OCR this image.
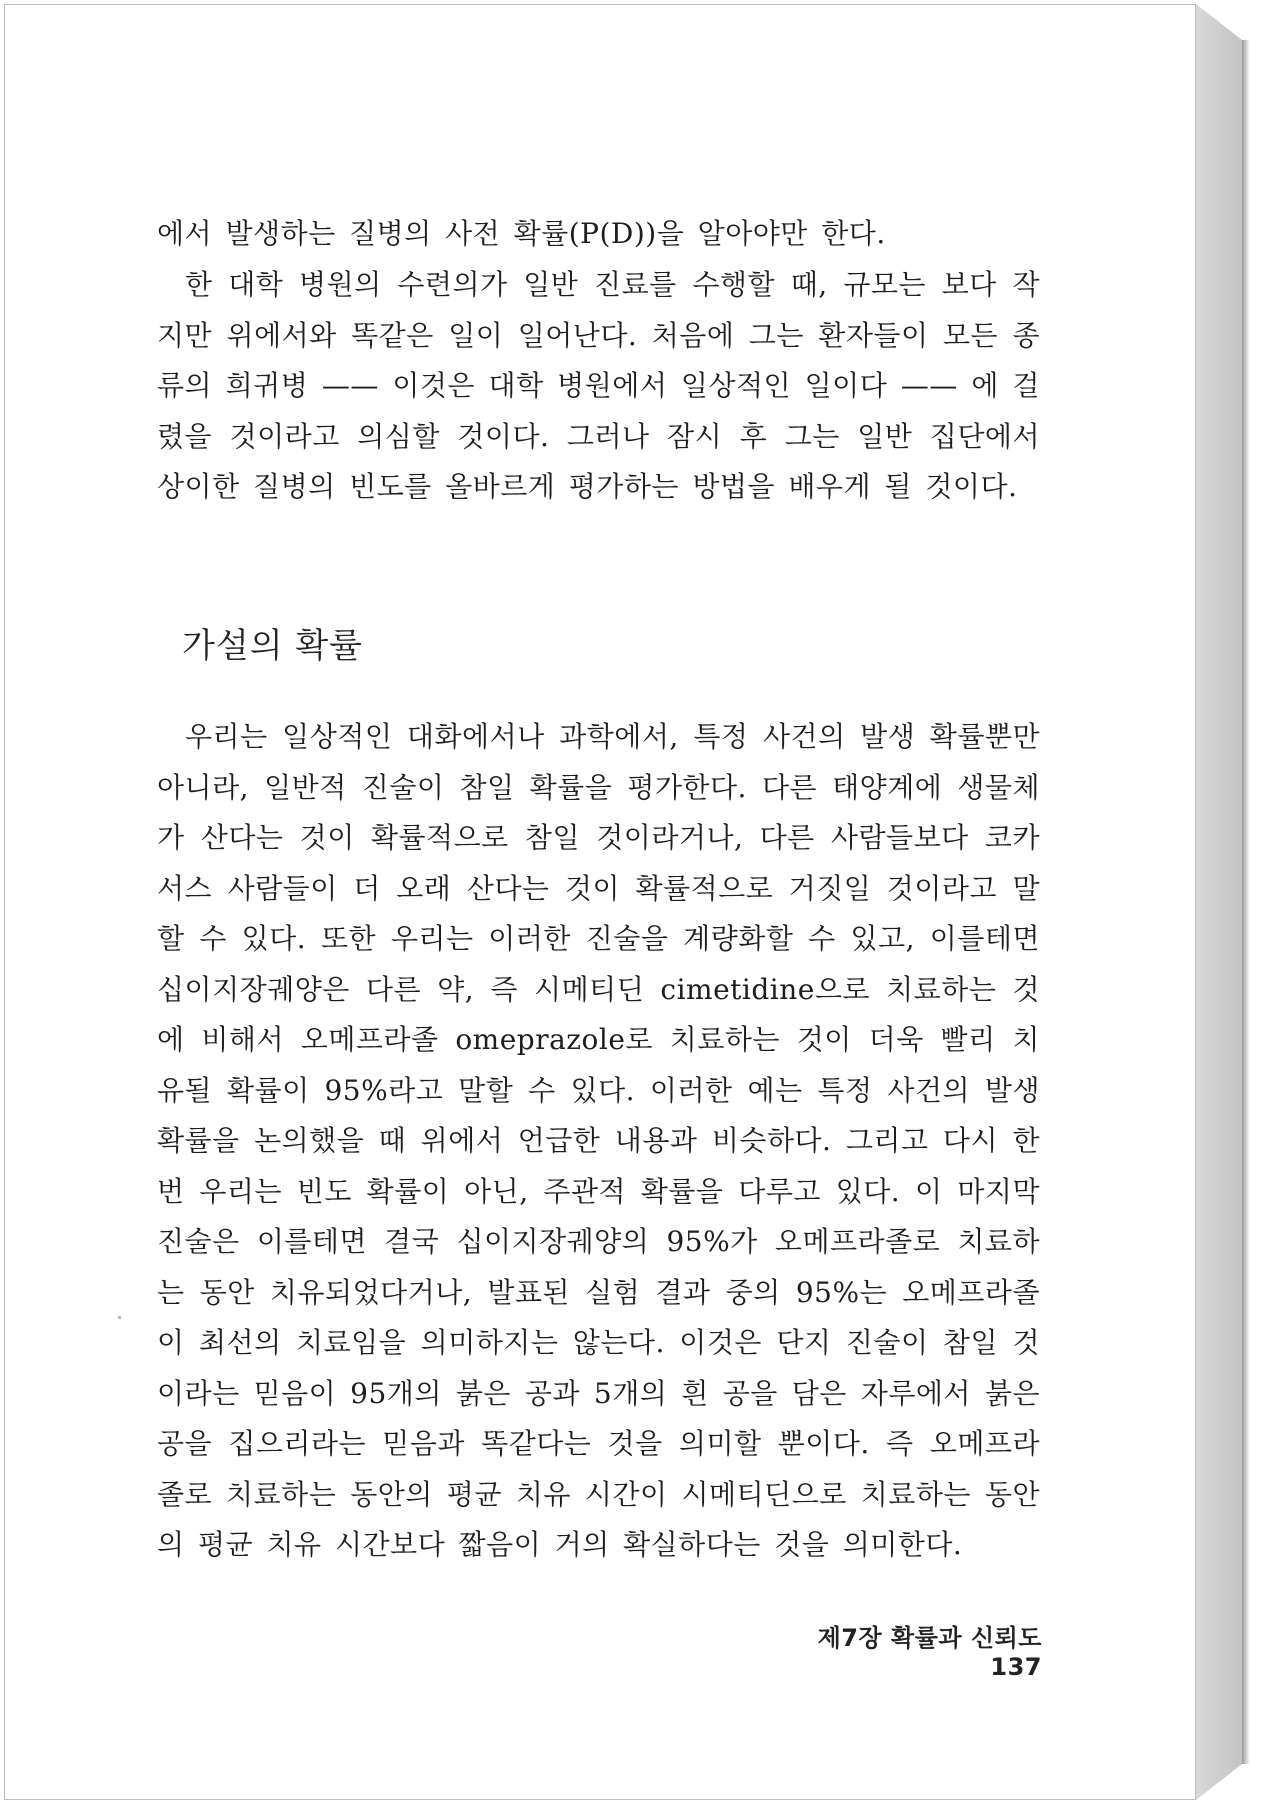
에서 발생하는 질병의 사전 확률(P(D))을 알아야만 한다.

한 대학 병원의 수련의가 일반 진료를 수행할 때, 규모는 보다 작지만 위에서와 똑같은 일이 일어난다. 처음에 그는 환자들이 모든 종류의 희귀병 —— 이것은 대학 병원에서 일상적인 일이다 —— 에 걸렸을 것이라고 의심할 것이다. 그러나 잠시 후 그는 일반 집단에서 상이한 질병의 빈도를 올바르게 평가하는 방법을 배우게 될 것이다.

가설의 확률

우리는 일상적인 대화에서나 과학에서, 특정 사건의 발생 확률뿐만 아니라, 일반적 진술이 참일 확률을 평가한다. 다른 태양계에 생물체가 산다는 것이 확률적으로 참일 것이라거나, 다른 사람들보다 코카서스 사람들이 더 오래 산다는 것이 확률적으로 거짓일 것이라고 말할 수 있다. 또한 우리는 이러한 진술을 계량화할 수 있고, 이를테면 십이지장궤양은 다른 약, 즉 시메티딘 cimetidine으로 치료하는 것에 비해서 오메프라졸 omeprazole로 치료하는 것이 더욱 빨리 치유될 확률이 95%라고 말할 수 있다. 이러한 예는 특정 사건의 발생 확률을 논의했을 때 위에서 언급한 내용과 비슷하다. 그리고 다시 한번 우리는 빈도 확률이 아닌, 주관적 확률을 다루고 있다. 이 마지막 진술은 이를테면 결국 십이지장궤양의 95%가 오메프라졸로 치료하는 동안 치유되었다거나, 발표된 실험 결과 중의 95%는 오메프라졸이 최선의 치료임을 의미하지는 않는다. 이것은 단지 진술이 참일 것이라는 믿음이 95개의 붉은 공과 5개의 흰 공을 담은 자루에서 붉은 공을 집으리라는 믿음과 똑같다는 것을 의미할 뿐이다. 즉 오메프라졸로 치료하는 동안의 평균 치유 시간이 시메티딘으로 치료하는 동안의 평균 치유 시간보다 짧음이 거의 확실하다는 것을 의미한다.

제7장 확률과 신뢰도 137
